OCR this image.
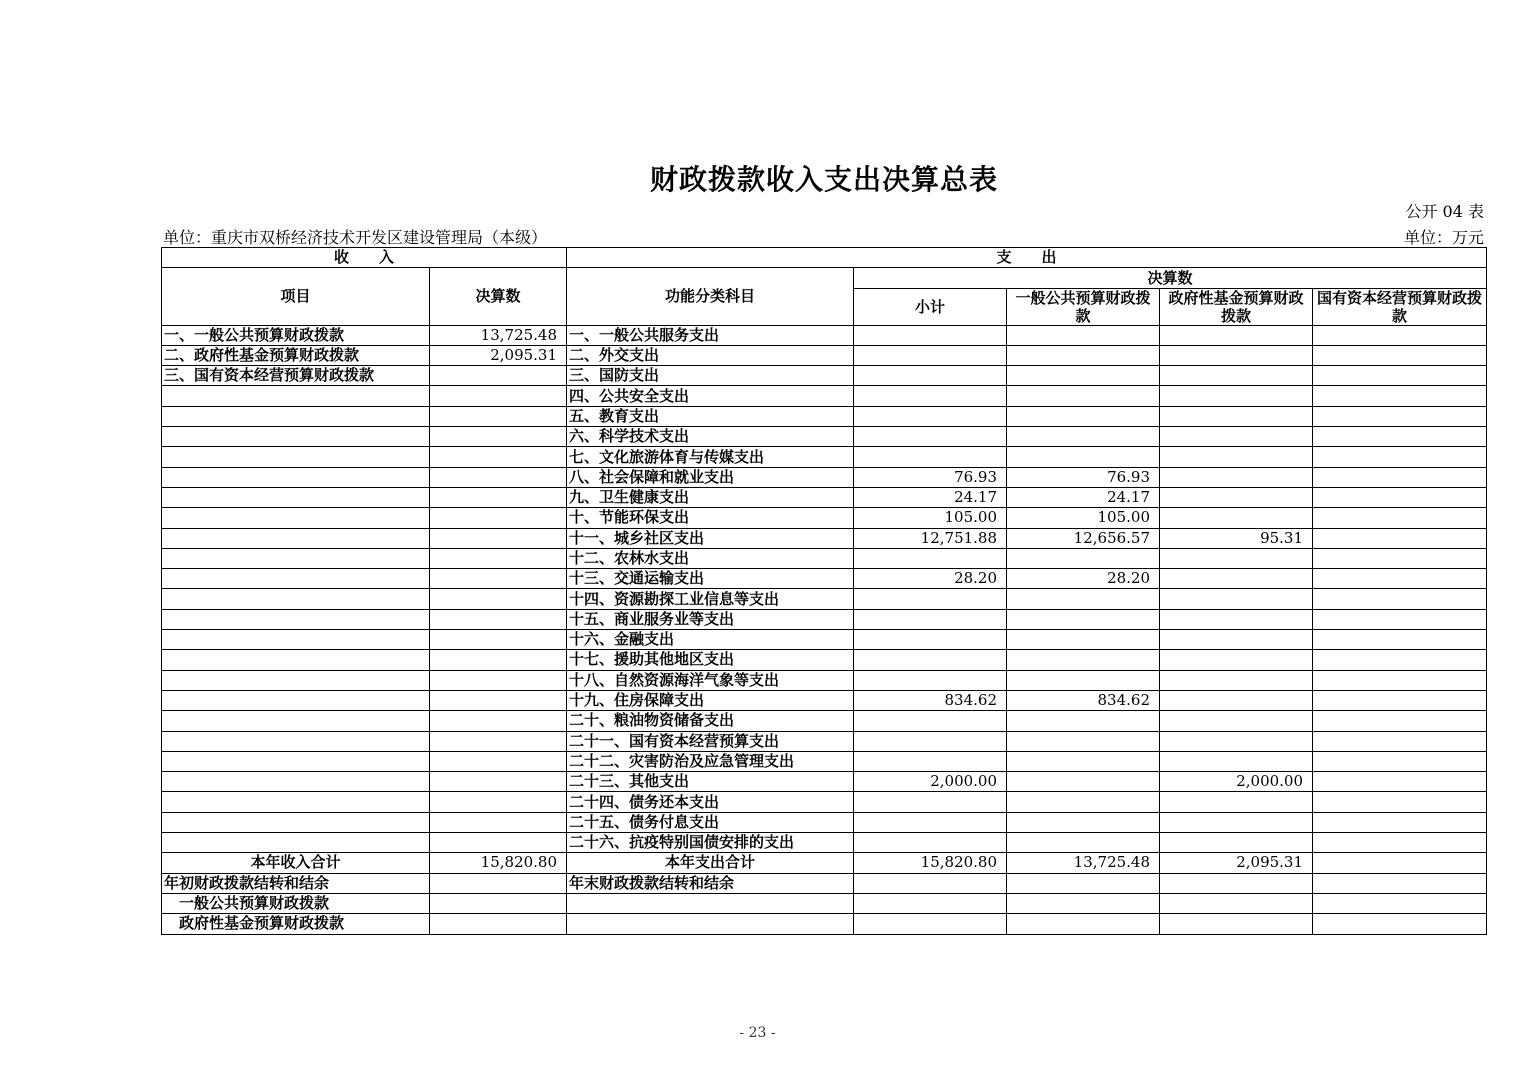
财政拨款收入支出决算总表
公开 04 表
单位：重庆市双桥经济技术开发区建设管理局（本级）	单位：万元
收　　入		支　　出				
项目	决算数	功能分类科目	决算数			
			小计	一般公共预算财政拨款	政府性基金预算财政拨款	国有资本经营预算财政拨款
一、一般公共预算财政拨款	13,725.48	一、一般公共服务支出				
二、政府性基金预算财政拨款	2,095.31	二、外交支出				
三、国有资本经营预算财政拨款		三、国防支出				
		四、公共安全支出				
		五、教育支出				
		六、科学技术支出				
		七、文化旅游体育与传媒支出				
		八、社会保障和就业支出	76.93	76.93		
		九、卫生健康支出	24.17	24.17		
		十、节能环保支出	105.00	105.00		
		十一、城乡社区支出	12,751.88	12,656.57	95.31	
		十二、农林水支出				
		十三、交通运输支出	28.20	28.20		
		十四、资源勘探工业信息等支出				
		十五、商业服务业等支出				
		十六、金融支出				
		十七、援助其他地区支出				
		十八、自然资源海洋气象等支出				
		十九、住房保障支出	834.62	834.62		
		二十、粮油物资储备支出				
		二十一、国有资本经营预算支出				
		二十二、灾害防治及应急管理支出				
		二十三、其他支出	2,000.00		2,000.00	
		二十四、债务还本支出				
		二十五、债务付息支出				
		二十六、抗疫特别国债安排的支出				
本年收入合计	15,820.80	本年支出合计	15,820.80	13,725.48	2,095.31	
年初财政拨款结转和结余		年末财政拨款结转和结余				
一般公共预算财政拨款						
政府性基金预算财政拨款						
- 23 -
